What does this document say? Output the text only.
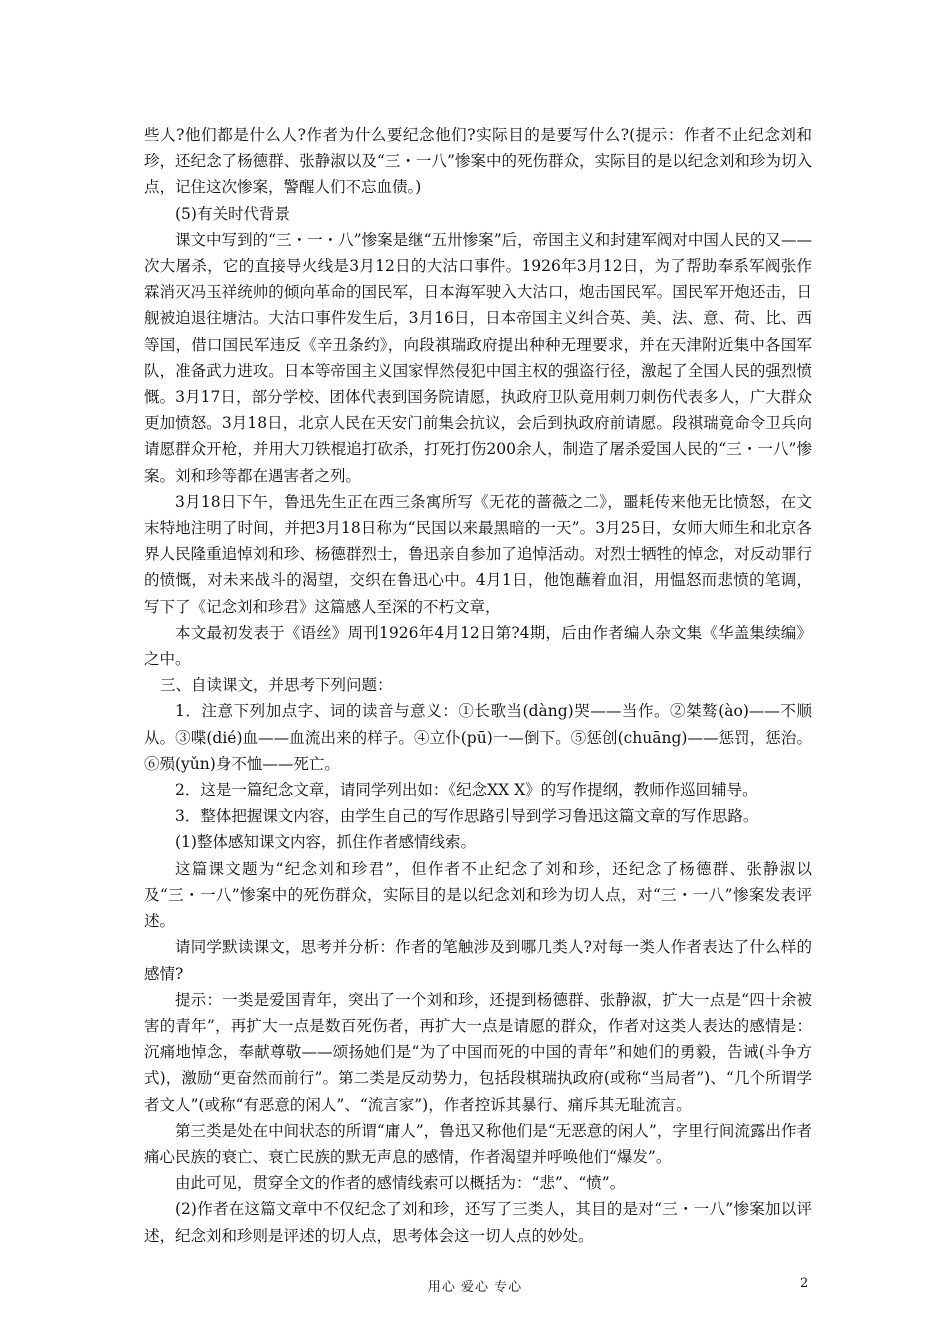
些人?他们都是什么人?作者为什么要纪念他们?实际目的是要写什么?(提示：作者不止纪念刘和珍，还纪念了杨德群、张静淑以及“三・一八”惨案中的死伤群众，实际目的是以纪念刘和珍为切入点，记住这次惨案，警醒人们不忘血债。)

(5)有关时代背景

课文中写到的“三・一・八”惨案是继“五卅惨案”后，帝国主义和封建军阀对中国人民的又——次大屠杀，它的直接导火线是3月12日的大沽口事件。1926年3月12日，为了帮助奉系军阀张作霖消灭冯玉祥统帅的倾向革命的国民军，日本海军驶入大沽口，炮击国民军。国民军开炮还击，日舰被迫退往塘沽。大沽口事件发生后，3月16日，日本帝国主义纠合英、美、法、意、荷、比、西等国，借口国民军违反《辛丑条约》，向段祺瑞政府提出种种无理要求，并在天津附近集中各国军队，准备武力进攻。日本等帝国主义国家悍然侵犯中国主权的强盗行径，激起了全国人民的强烈愤慨。3月17日，部分学校、团体代表到国务院请愿，执政府卫队竟用刺刀刺伤代表多人，广大群众更加愤怒。3月18日，北京人民在天安门前集会抗议，会后到执政府前请愿。段祺瑞竟命令卫兵向请愿群众开枪，并用大刀铁棍追打砍杀，打死打伤200余人，制造了屠杀爱国人民的“三・一八”惨案。刘和珍等都在遇害者之列。

3月18日下午，鲁迅先生正在西三条寓所写《无花的蔷薇之二》，噩耗传来他无比愤怒，在文末特地注明了时间，并把3月18日称为“民国以来最黑暗的一天”。3月25日，女师大师生和北京各界人民隆重追悼刘和珍、杨德群烈士，鲁迅亲自参加了追悼活动。对烈士牺牲的悼念，对反动罪行的愤慨，对未来战斗的渴望，交织在鲁迅心中。4月1日，他饱蘸着血泪，用愠怒而悲愤的笔调，写下了《记念刘和珍君》这篇感人至深的不朽文章，

本文最初发表于《语丝》周刊1926年4月12日第?4期，后由作者编人杂文集《华盖集续编》之中。

三、自读课文，并思考下列问题：

1．注意下列加点字、词的读音与意义：①长歌当(dàng)哭——当作。②桀骜(ào)——不顺从。③喋(dié)血——血流出来的样子。④立仆(pū)一—倒下。⑤惩创(chuāng)——惩罚，惩治。⑥殒(yǔn)身不恤——死亡。

2．这是一篇纪念文章，请同学列出如：《纪念XX X》的写作提纲，教师作巡回辅导。

3．整体把握课文内容，由学生自己的写作思路引导到学习鲁迅这篇文章的写作思路。

(1)整体感知课文内容，抓住作者感情线索。

这篇课文题为“纪念刘和珍君”，但作者不止纪念了刘和珍，还纪念了杨德群、张静淑以及“三・一八”惨案中的死伤群众，实际目的是以纪念刘和珍为切人点，对“三・一八”惨案发表评述。

请同学默读课文，思考并分析：作者的笔触涉及到哪几类人?对每一类人作者表达了什么样的感情?

提示：一类是爱国青年，突出了一个刘和珍，还提到杨德群、张静淑，扩大一点是“四十余被害的青年”，再扩大一点是数百死伤者，再扩大一点是请愿的群众，作者对这类人表达的感情是：沉痛地悼念，奉献尊敬——颂扬她们是“为了中国而死的中国的青年”和她们的勇毅，告诫(斗争方式)，激励“更奋然而前行”。第二类是反动势力，包括段棋瑞执政府(或称“当局者”)、“几个所谓学者文人”(或称“有恶意的闲人”、“流言家”)，作者控诉其暴行、痛斥其无耻流言。

第三类是处在中间状态的所谓“庸人”，鲁迅又称他们是“无恶意的闲人”，字里行间流露出作者痛心民族的衰亡、衰亡民族的默无声息的感情，作者渴望并呼唤他们“爆发”。

由此可见，贯穿全文的作者的感情线索可以概括为：“悲”、“愤”。

(2)作者在这篇文章中不仅纪念了刘和珍，还写了三类人，其目的是对“三・一八”惨案加以评述，纪念刘和珍则是评述的切人点，思考体会这一切人点的妙处。

用心 爱心 专心	2
